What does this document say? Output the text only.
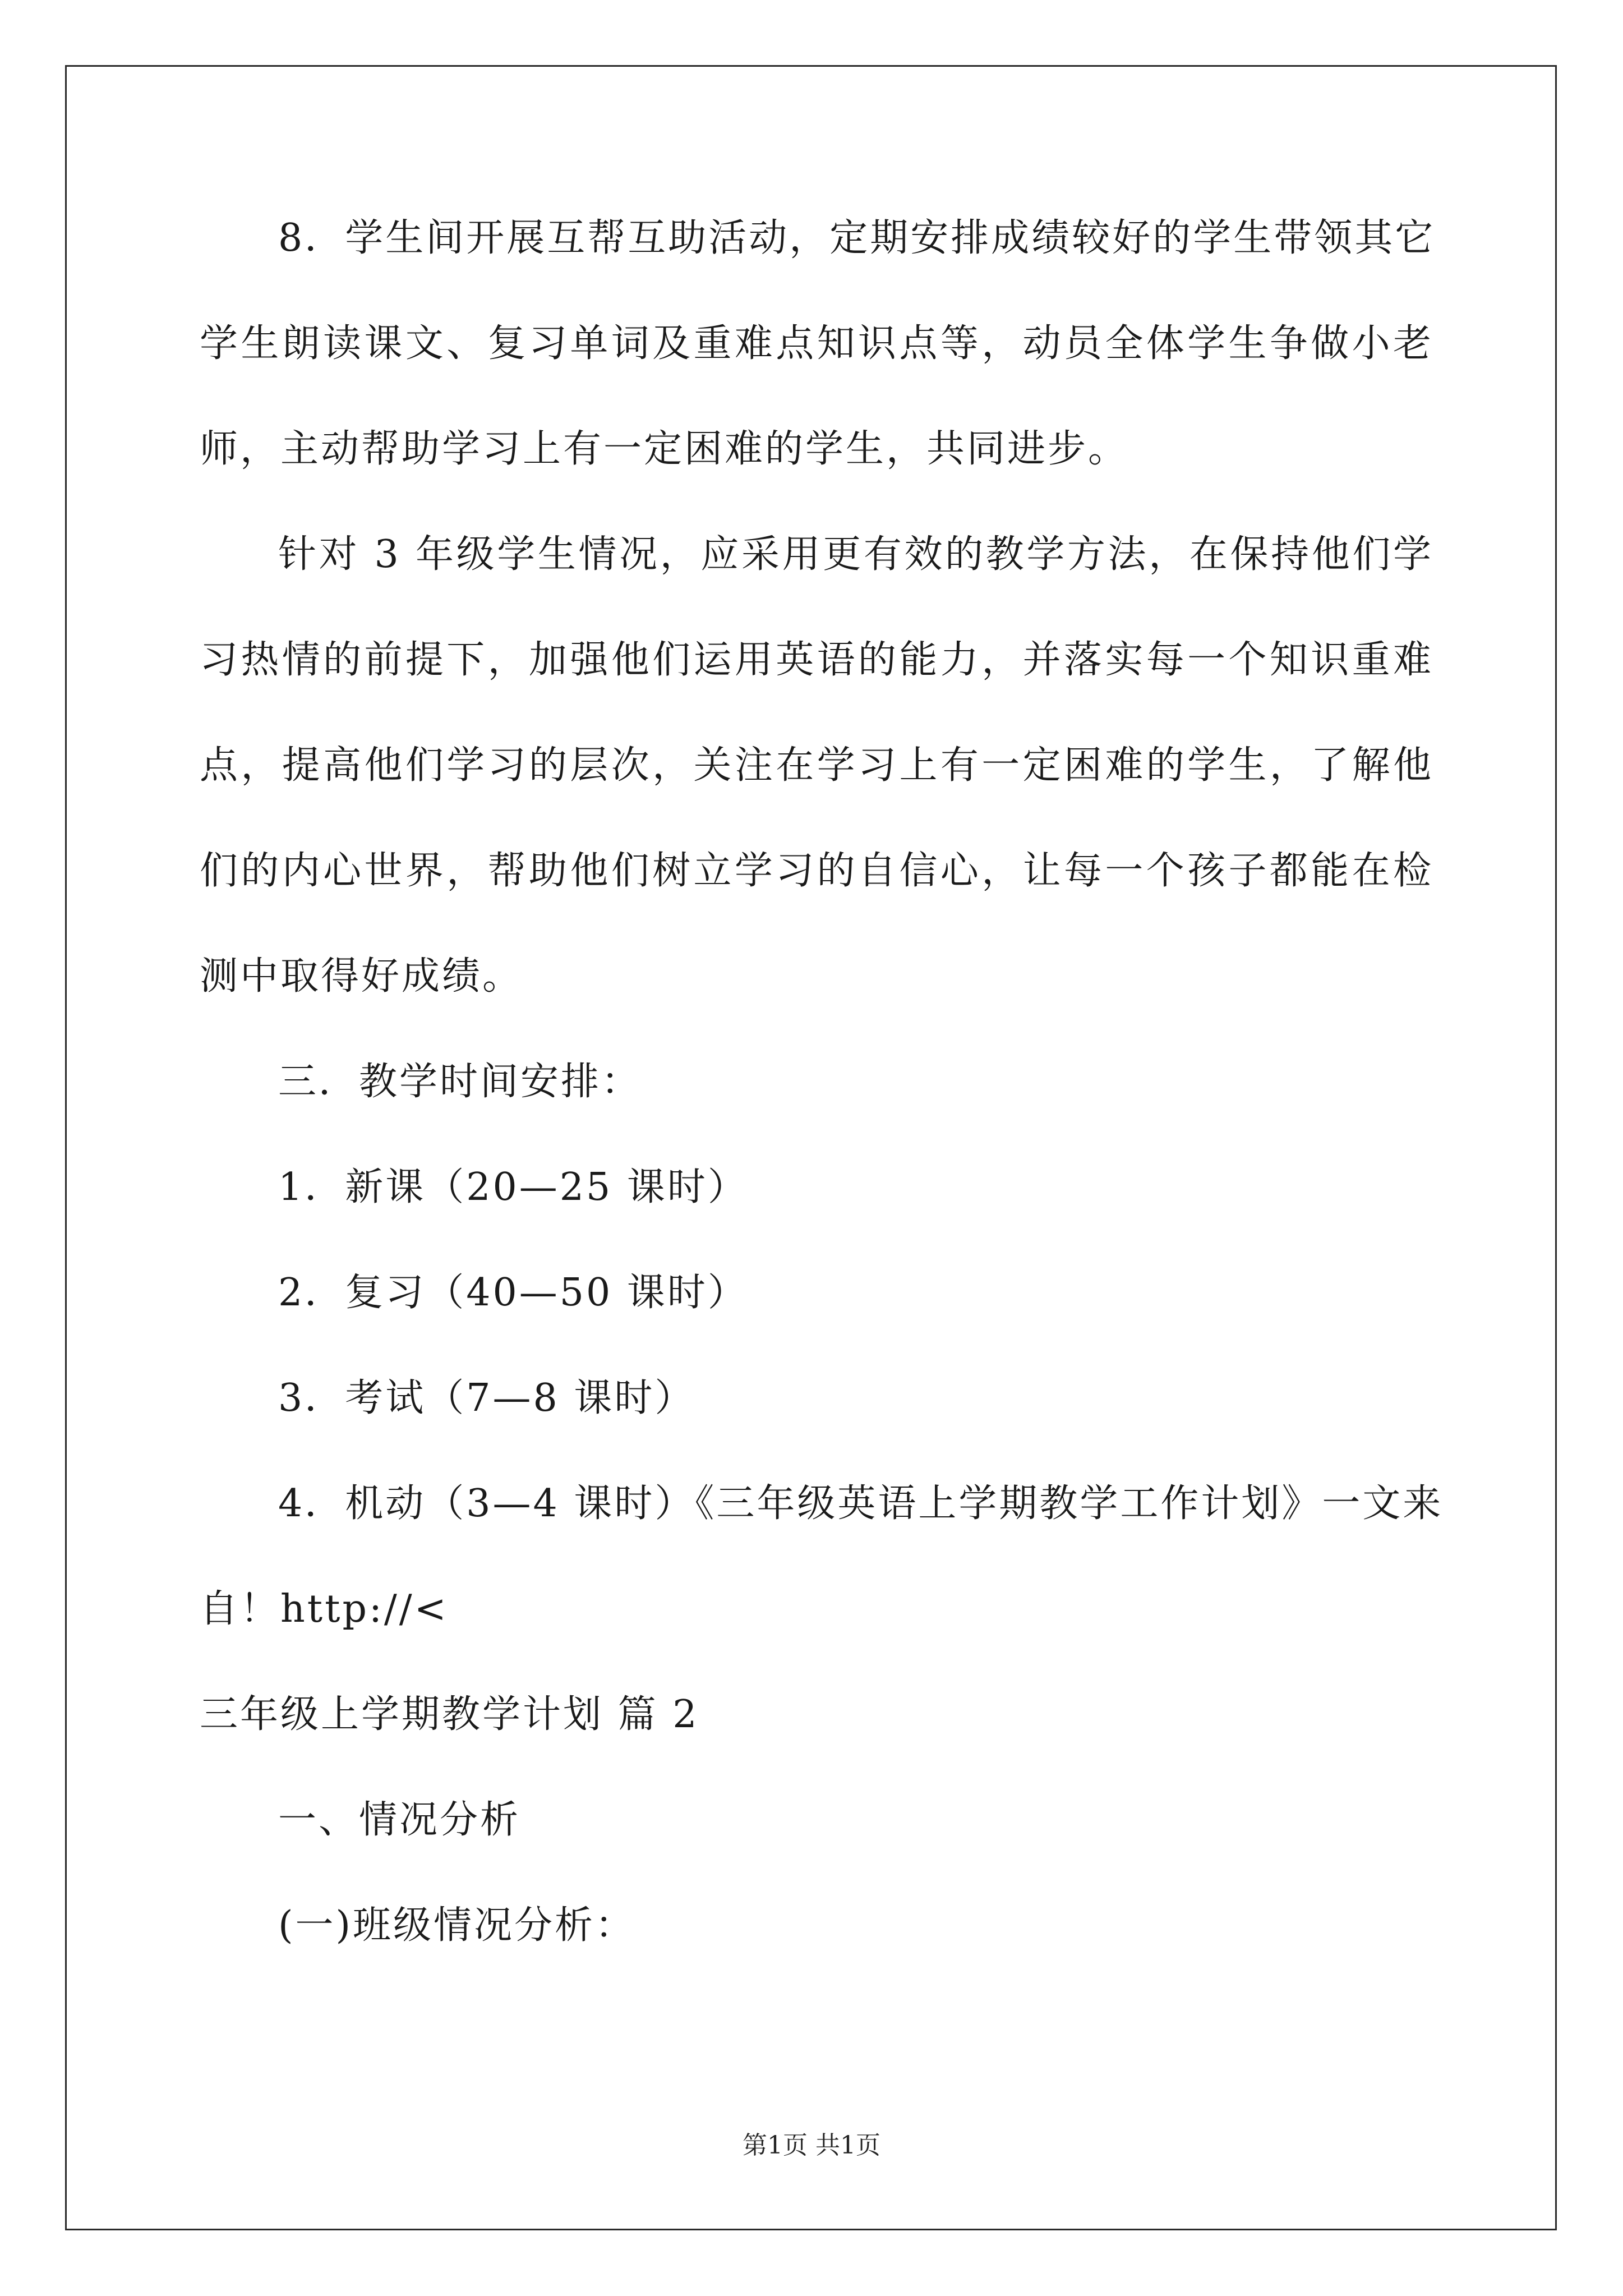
8．学生间开展互帮互助活动，定期安排成绩较好的学生带领其它
学生朗读课文、复习单词及重难点知识点等，动员全体学生争做小老
师，主动帮助学习上有一定困难的学生，共同进步。
针对 3 年级学生情况，应采用更有效的教学方法，在保持他们学
习热情的前提下，加强他们运用英语的能力，并落实每一个知识重难
点，提高他们学习的层次，关注在学习上有一定困难的学生，了解他
们的内心世界，帮助他们树立学习的自信心，让每一个孩子都能在检
测中取得好成绩。
三．教学时间安排：
1．新课（20—25 课时）
2．复习（40—50 课时）
3．考试（7—8 课时）
4．机动（3—4 课时）《三年级英语上学期教学工作计划》一文来
自！http://<
三年级上学期教学计划 篇 2
一、情况分析
(一)班级情况分析：
第1页 共1页
